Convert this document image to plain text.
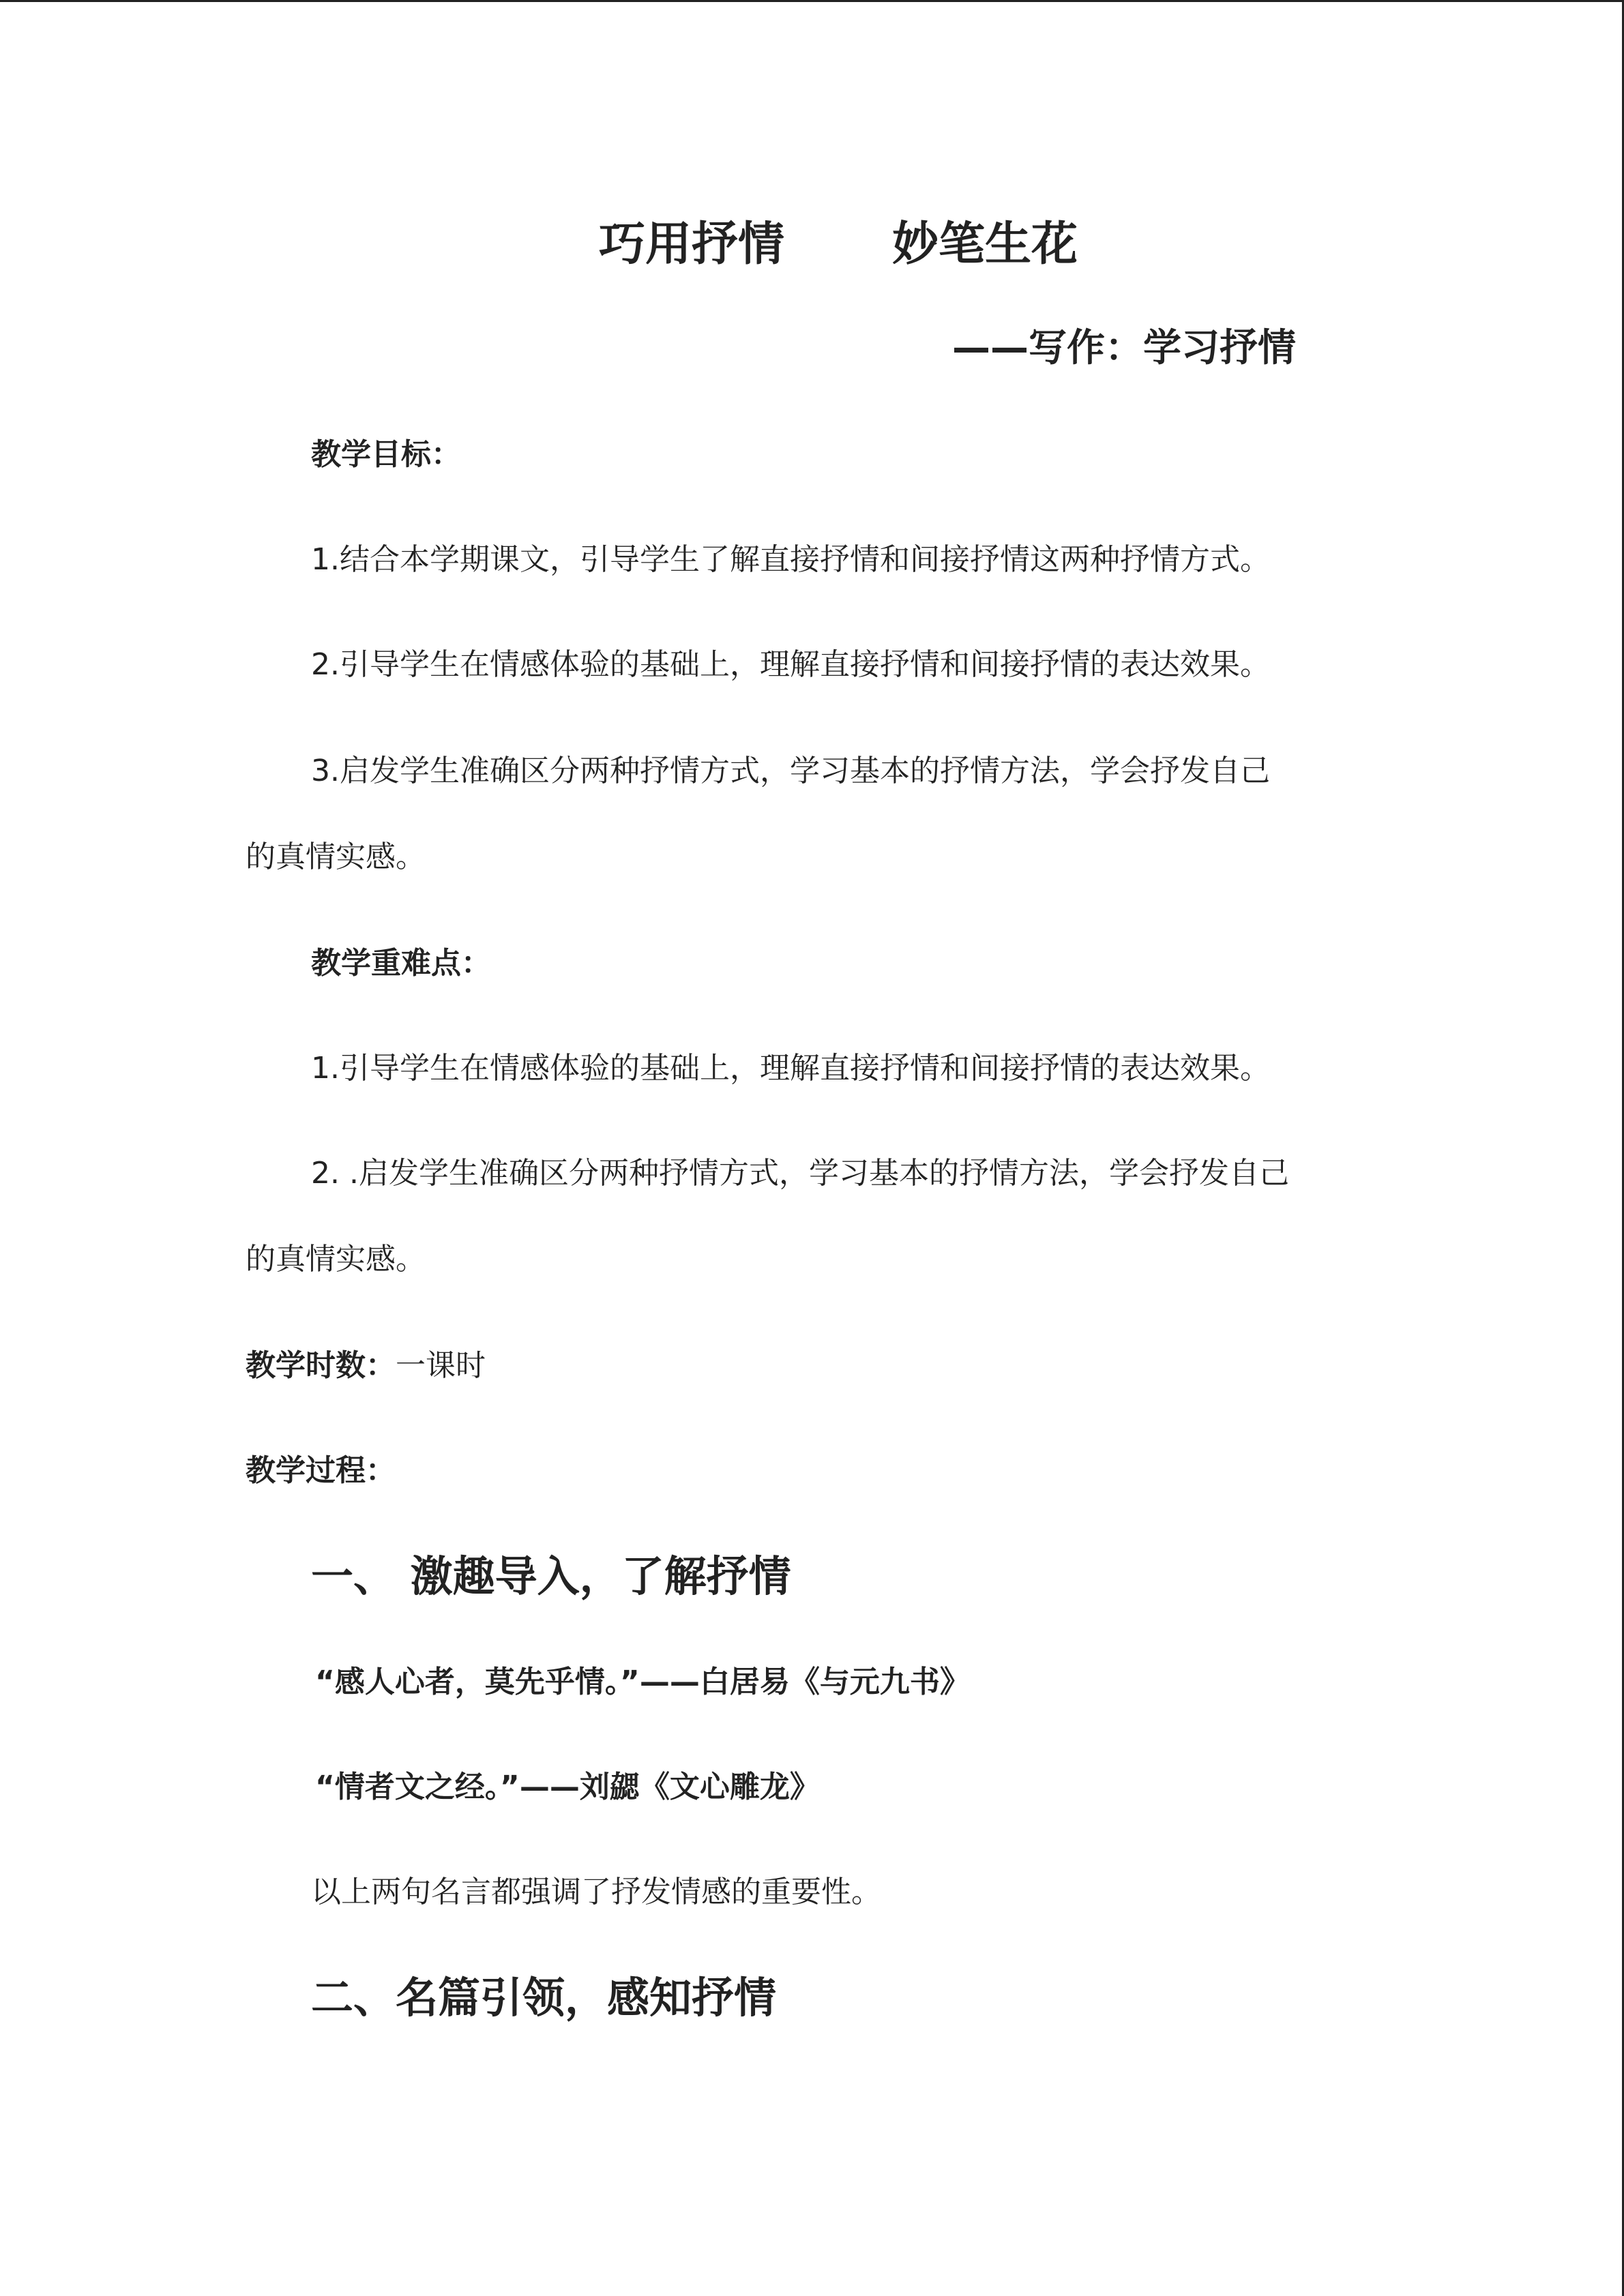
巧用抒情 妙笔生花
——写作：学习抒情
教学目标：
1.结合本学期课文，引导学生了解直接抒情和间接抒情这两种抒情方式。
2.引导学生在情感体验的基础上，理解直接抒情和间接抒情的表达效果。
3.启发学生准确区分两种抒情方式，学习基本的抒情方法，学会抒发自己
的真情实感。
教学重难点：
1.引导学生在情感体验的基础上，理解直接抒情和间接抒情的表达效果。
2. .启发学生准确区分两种抒情方式，学习基本的抒情方法，学会抒发自己
的真情实感。
教学时数：一课时
教学过程：
一、 激趣导入，了解抒情
“感人心者，莫先乎情。”——白居易《与元九书》
“情者文之经。”——刘勰《文心雕龙》
以上两句名言都强调了抒发情感的重要性。
二、名篇引领，感知抒情
